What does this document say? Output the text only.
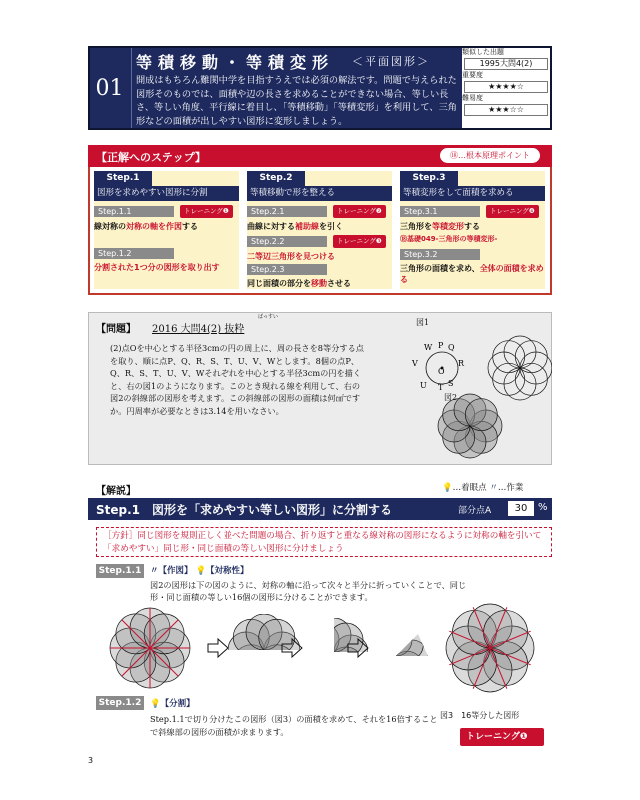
01
等積移動・等積変形 ＜平面図形＞
開成はもちろん難関中学を目指すうえでは必須の解法です。問題で与えられた図形そのものでは、面積や辺の長さを求めることができない場合、等しい長さ、等しい角度、平行線に着目し、「等積移動」「等積変形」を利用して、三角形などの面積が出しやすい図形に変形しましょう。
類似した出題
1995大問4(2)
重要度
★★★★☆
難易度
★★★☆☆
【正解へのステップ】	⑱…根本原理ポイント
Step.1
図形を求めやすい図形に分割
Step.1.1	トレーニング❶
線対称の対称の軸を作図する
Step.1.2
分割された1つ分の図形を取り出す
Step.2
等積移動で形を整える
Step.2.1	トレーニング❷
曲線に対する補助線を引く
Step.2.2	トレーニング❸
二等辺三角形を見つける
Step.2.3
同じ面積の部分を移動させる
Step.3
等積変形をして面積を求める
Step.3.1	トレーニング❹
三角形を等積変形する
⑱基礎049-三角形の等積変形-
Step.3.2
三角形の面積を求め、全体の面積を求める
【問題】
ばっすい
2016 大問4(2) 抜粋
(2)点Oを中心とする半径3cmの円の周上に、周の長さを8等分する点を取り、順に点P、Q、R、S、T、U、V、Wとします。8個の点P、Q、R、S、T、U、V、Wそれぞれを中心とする半径3cmの円を描くと、右の図1のようになります。このとき現れる線を利用して、右の図2の斜線部の図形を考えます。この斜線部の図形の面積は何㎠ですか。円周率が必要なときは3.14を用いなさい。
図1
図2
W P Q
V
O
R
U T S
【解説】	💡…着眼点 〃…作業
Step.1　図形を「求めやすい等しい図形」に分割する	部分点A	30	%
［方針］同じ図形を規則正しく並べた問題の場合、折り返すと重なる線対称の図形になるように対称の軸を引いて「求めやすい」同じ形・同じ面積の等しい図形に分けましょう
Step.1.1	〃【作図】 💡【対称性】
図2の図形は下の図のように、対称の軸に沿って次々と半分に折っていくことで、同じ形・同じ面積の等しい16個の図形に分けることができます。
Step.1.2	💡【分割】
Step.1.1で切り分けたこの図形（図3）の面積を求めて、それを16倍することで斜線部の図形の面積が求まります。
図3　16等分した図形
トレーニング❶
3
